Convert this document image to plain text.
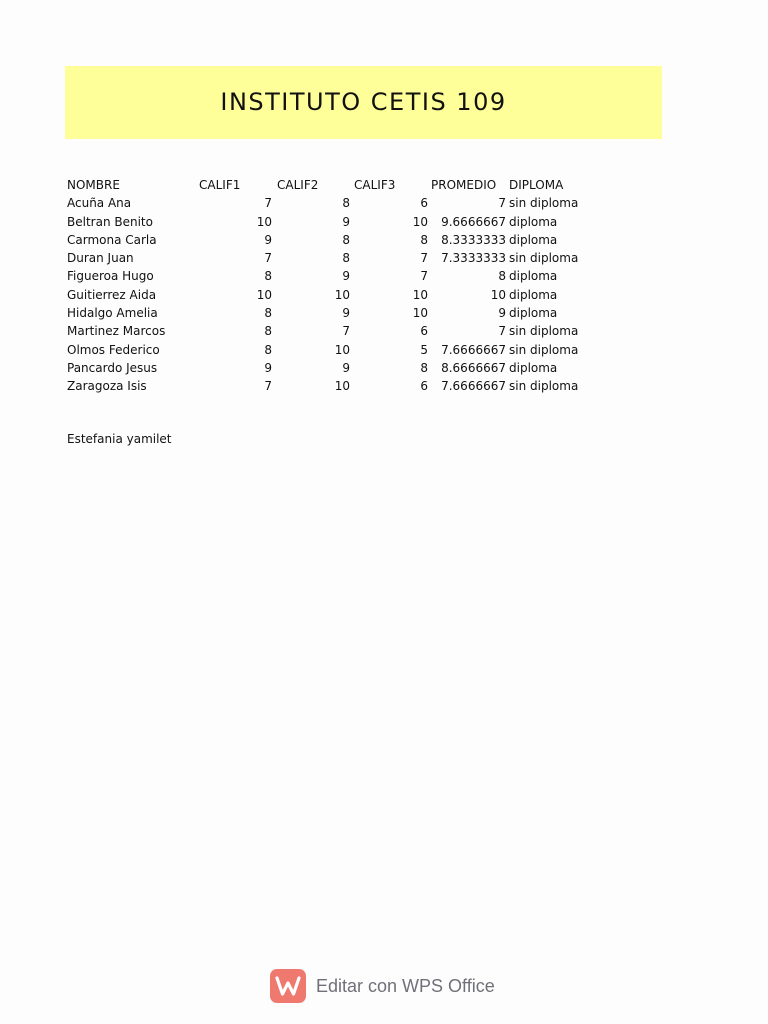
INSTITUTO CETIS 109
NOMBRE	CALIF1	CALIF2	CALIF3	PROMEDIO	DIPLOMA
Acuña Ana	7	8	6	7 sin diploma
Beltran Benito	10	9	10	9.6666667 diploma
Carmona Carla	9	8	8	8.3333333 diploma
Duran Juan	7	8	7	7.3333333 sin diploma
Figueroa Hugo	8	9	7	8 diploma
Guitierrez Aida	10	10	10	10 diploma
Hidalgo Amelia	8	9	10	9 diploma
Martinez Marcos	8	7	6	7 sin diploma
Olmos Federico	8	10	5	7.6666667 sin diploma
Pancardo Jesus	9	9	8	8.6666667 diploma
Zaragoza Isis	7	10	6	7.6666667 sin diploma
Estefania yamilet
Editar con WPS Office
